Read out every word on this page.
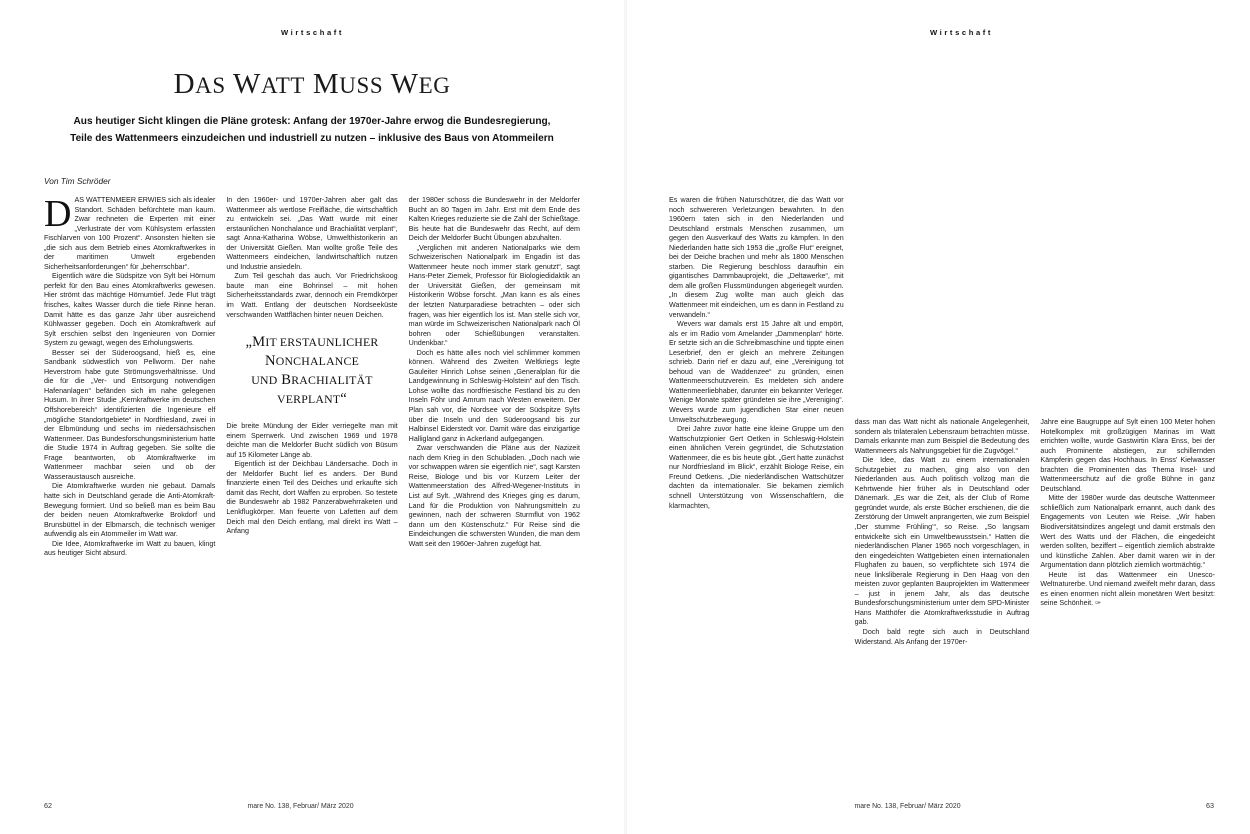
Wirtschaft
DAS WATT MUSS WEG

Aus heutiger Sicht klingen die Pläne grotesk: Anfang der 1970er-Jahre erwog die Bundesregierung,
Teile des Wattenmeers einzudeichen und industriell zu nutzen – inklusive des Baus von Atommeilern

Von Tim Schröder

DAS WATTENMEER ERWIES sich als idealer Standort. Schäden befürchtete man kaum. Zwar rechneten die Experten mit einer „Verlustrate der vom Kühlsystem erfassten Fischlarven von 100 Prozent“. Ansonsten hielten sie „die sich aus dem Betrieb eines Atomkraftwerkes in der maritimen Umwelt ergebenden Sicherheitsanforderungen“ für „beherrschbar“.

Eigentlich wäre die Südspitze von Sylt bei Hörnum perfekt für den Bau eines Atomkraftwerks gewesen. Hier strömt das mächtige Hörnumtief. Jede Flut trägt frisches, kaltes Wasser durch die tiefe Rinne heran. Damit hätte es das ganze Jahr über ausreichend Kühlwasser gegeben. Doch ein Atomkraftwerk auf Sylt erschien selbst den Ingenieuren von Dornier System zu gewagt, wegen des Erholungswerts.

Besser sei der Süderoogsand, hieß es, eine Sandbank südwestlich von Pellworm. Der nahe Heverstrom habe gute Strömungsverhältnisse. Und die für die „Ver- und Entsorgung notwendigen Hafenanlagen“ befänden sich im nahe gelegenen Husum. In ihrer Studie „Kernkraftwerke im deutschen Offshorebereich“ identifizierten die Ingenieure elf „mögliche Standortgebiete“ in Nordfriesland, zwei in der Elbmündung und sechs im niedersächsischen Wattenmeer. Das Bundesforschungsministerium hatte die Studie 1974 in Auftrag gegeben. Sie sollte die Frage beantworten, ob Atomkraftwerke im Wattenmeer machbar seien und ob der Wasseraustausch ausreiche.

Die Atomkraftwerke wurden nie gebaut. Damals hatte sich in Deutschland gerade die Anti-Atomkraft-Bewegung formiert. Und so beließ man es beim Bau der beiden neuen Atomkraftwerke Brokdorf und Brunsbüttel in der Elbmarsch, die technisch weniger aufwendig als ein Atommeiler im Watt war.

Die Idee, Atomkraftwerke im Watt zu bauen, klingt aus heutiger Sicht absurd.

In den 1960er- und 1970er-Jahren aber galt das Wattenmeer als wertlose Freifläche, die wirtschaftlich zu entwickeln sei. „Das Watt wurde mit einer erstaunlichen Nonchalance und Brachialität verplant“, sagt Anna-Katharina Wöbse, Umwelthistorikerin an der Universität Gießen. Man wollte große Teile des Wattenmeers eindeichen, landwirtschaftlich nutzen und Industrie ansiedeln.

Zum Teil geschah das auch. Vor Friedrichskoog baute man eine Bohrinsel – mit hohen Sicherheitsstandards zwar, dennoch ein Fremdkörper im Watt. Entlang der deutschen Nordseeküste verschwanden Wattflächen hinter neuen Deichen.

„MIT ERSTAUNLICHER
NONCHALANCE
UND BRACHIALITÄT
VERPLANT“

Die breite Mündung der Eider verriegelte man mit einem Sperrwerk. Und zwischen 1969 und 1978 deichte man die Meldorfer Bucht südlich von Büsum auf 15 Kilometer Länge ab.

Eigentlich ist der Deichbau Ländersache. Doch in der Meldorfer Bucht lief es anders. Der Bund finanzierte einen Teil des Deiches und erkaufte sich damit das Recht, dort Waffen zu erproben. So testete die Bundeswehr ab 1982 Panzerabwehrraketen und Lenkflugkörper. Man feuerte von Lafetten auf dem Deich mal den Deich entlang, mal direkt ins Watt – Anfang

der 1980er schoss die Bundeswehr in der Meldorfer Bucht an 80 Tagen im Jahr. Erst mit dem Ende des Kalten Krieges reduzierte sie die Zahl der Schießtage. Bis heute hat die Bundeswehr das Recht, auf dem Deich der Meldorfer Bucht Übungen abzuhalten.

„Verglichen mit anderen Nationalparks wie dem Schweizerischen Nationalpark im Engadin ist das Wattenmeer heute noch immer stark genutzt“, sagt Hans-Peter Ziemek, Professor für Biologiedidaktik an der Universität Gießen, der gemeinsam mit Historikerin Wöbse forscht. „Man kann es als eines der letzten Naturparadiese betrachten – oder sich fragen, was hier eigentlich los ist. Man stelle sich vor, man würde im Schweizerischen Nationalpark nach Öl bohren oder Schießübungen veranstalten. Undenkbar.“

Doch es hätte alles noch viel schlimmer kommen können. Während des Zweiten Weltkriegs legte Gauleiter Hinrich Lohse seinen „Generalplan für die Landgewinnung in Schleswig-Holstein“ auf den Tisch. Lohse wollte das nordfriesische Festland bis zu den Inseln Föhr und Amrum nach Westen erweitern. Der Plan sah vor, die Nordsee vor der Südspitze Sylts über die Inseln und den Süderoogsand bis zur Halbinsel Eiderstedt vor. Damit wäre das einzigartige Halligland ganz in Ackerland aufgegangen.

Zwar verschwanden die Pläne aus der Nazizeit nach dem Krieg in den Schubladen. „Doch nach wie vor schwappen wären sie eigentlich nie“, sagt Karsten Reise, Biologe und bis vor Kurzem Leiter der Wattenmeerstation des Alfred-Wegener-Instituts in List auf Sylt. „Während des Krieges ging es darum, Land für die Produktion von Nahrungsmitteln zu gewinnen, nach der schweren Sturmflut von 1962 dann um den Küstenschutz.“ Für Reise sind die Eindeichungen die schwersten Wunden, die man dem Watt seit den 1960er-Jahren zugefügt hat.

62	mare No. 138, Februar/ März 2020
Wirtschaft

Es waren die frühen Naturschützer, die das Watt vor noch schwereren Verletzungen bewahrten. In den 1960ern taten sich in den Niederlanden und Deutschland erstmals Menschen zusammen, um gegen den Ausverkauf des Watts zu kämpfen. In den Niederlanden hatte sich 1953 die „große Flut“ ereignet, bei der Deiche brachen und mehr als 1800 Menschen starben. Die Regierung beschloss daraufhin ein gigantisches Dammbauprojekt, die „Deltawerke“, mit dem alle großen Flussmündungen abgeriegelt wurden. „In diesem Zug wollte man auch gleich das Wattenmeer mit eindeichen, um es dann in Festland zu verwandeln.“

Wevers war damals erst 15 Jahre alt und empört, als er im Radio vom Amelander „Dammenplan“ hörte. Er setzte sich an die Schreibmaschine und tippte einen Leserbrief, den er gleich an mehrere Zeitungen schrieb. Darin rief er dazu auf, eine „Vereinigung tot behoud van de Waddenzee“ zu gründen, einen Wattenmeerschutzverein. Es meldeten sich andere Wattenmeerliebhaber, darunter ein bekannter Verleger. Wenige Monate später gründeten sie ihre „Vereniging“. Wevers wurde zum jugendlichen Star einer neuen Umweltschutzbewegung.

Drei Jahre zuvor hatte eine kleine Gruppe um den Wattschutzpionier Gert Oetken in Schleswig-Holstein einen ähnlichen Verein gegründet, die Schutzstation Wattenmeer, die es bis heute gibt. „Gert hatte zunächst nur Nordfriesland im Blick“, erzählt Biologe Reise, ein Freund Oetkens. „Die niederländischen Wattschützer dachten da internationaler. Sie bekamen ziemlich schnell Unterstützung von Wissenschaftlern, die klarmachten,

dass man das Watt nicht als nationale Angelegenheit, sondern als trilateralen Lebensraum betrachten müsse. Damals erkannte man zum Beispiel die Bedeutung des Wattenmeers als Nahrungsgebiet für die Zugvögel.“

Die Idee, das Watt zu einem internationalen Schutzgebiet zu machen, ging also von den Niederlanden aus. Auch politisch vollzog man die Kehrtwende hier früher als in Deutschland oder Dänemark. „Es war die Zeit, als der Club of Rome gegründet wurde, als erste Bücher erschienen, die die Zerstörung der Umwelt anprangerten, wie zum Beispiel ,Der stumme Frühling‘“, so Reise. „So langsam entwickelte sich ein Umweltbewusstsein.“ Hatten die niederländischen Planer 1965 noch vorgeschlagen, in den eingedeichten Wattgebieten einen internationalen Flughafen zu bauen, so verpflichtete sich 1974 die neue linksliberale Regierung in Den Haag von den meisten zuvor geplanten Bauprojekten im Wattenmeer – just in jenem Jahr, als das deutsche Bundesforschungsministerium unter dem SPD-Minister Hans Matthöfer die Atomkraftwerksstudie in Auftrag gab.

Doch bald regte sich auch in Deutschland Widerstand. Als Anfang der 1970er-

Jahre eine Baugruppe auf Sylt einen 100 Meter hohen Hotelkomplex mit großzügigen Marinas im Watt errichten wollte, wurde Gastwirtin Klara Enss, bei der auch Prominente abstiegen, zur schillernden Kämpferin gegen das Hochhaus. In Enss' Kielwasser brachten die Prominenten das Thema Insel- und Wattenmeerschutz auf die große Bühne in ganz Deutschland.

Mitte der 1980er wurde das deutsche Wattenmeer schließlich zum Nationalpark ernannt, auch dank des Engagements von Leuten wie Reise. „Wir haben Biodiversitätsindizes angelegt und damit erstmals den Wert des Watts und der Flächen, die eingedeicht werden sollten, beziffert – eigentlich ziemlich abstrakte und künstliche Zahlen. Aber damit waren wir in der Argumentation dann plötzlich ziemlich wortmächtig.“

Heute ist das Wattenmeer ein Unesco-Weltnaturerbe. Und niemand zweifelt mehr daran, dass es einen enormen nicht allein monetären Wert besitzt: seine Schönheit. ✑

63
mare No. 138, Februar/ März 2020
